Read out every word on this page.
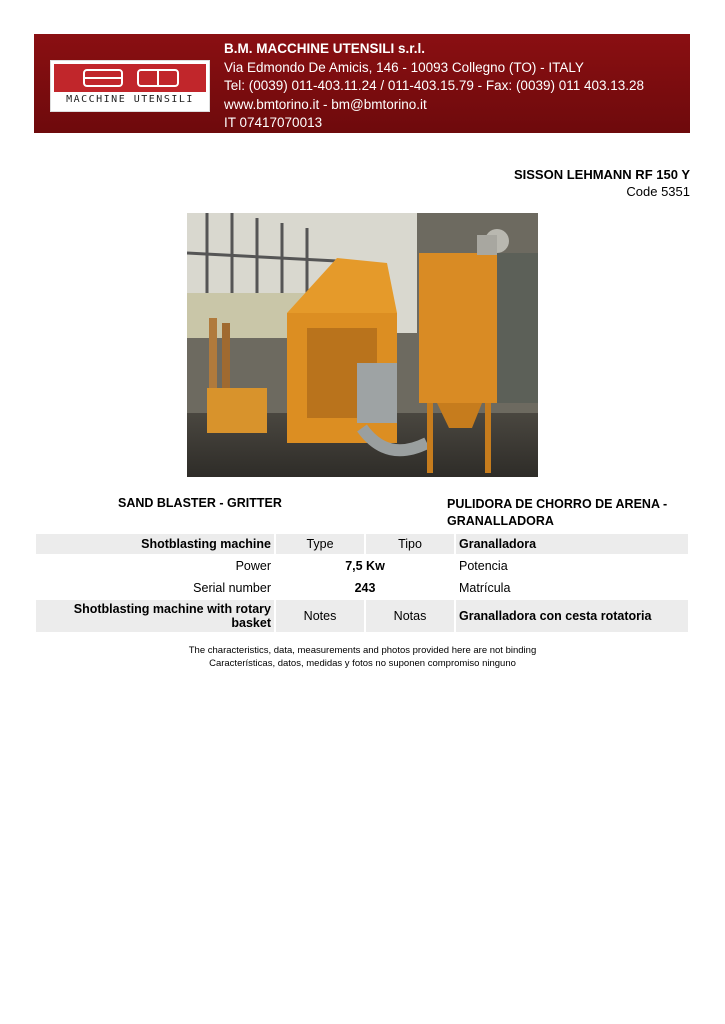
MACCHINE UTENSILI
B.M. MACCHINE UTENSILI s.r.l.
Via Edmondo De Amicis, 146 - 10093 Collegno (TO) - ITALY
Tel: (0039) 011-403.11.24 / 011-403.15.79 - Fax: (0039) 011 403.13.28
www.bmtorino.it - bm@bmtorino.it
IT 07417070013
SISSON LEHMANN RF 150 Y
Code 5351
SAND BLASTER - GRITTER	PULIDORA DE CHORRO DE ARENA - GRANALLADORA
Shotblasting machine	Type	Tipo	Granalladora
Power	7,5 Kw		Potencia
Serial number	243		Matrícula
Shotblasting machine with rotary basket	Notes	Notas	Granalladora con cesta rotatoria
The characteristics, data, measurements and photos provided here are not binding
Características, datos, medidas y fotos no suponen compromiso ninguno
